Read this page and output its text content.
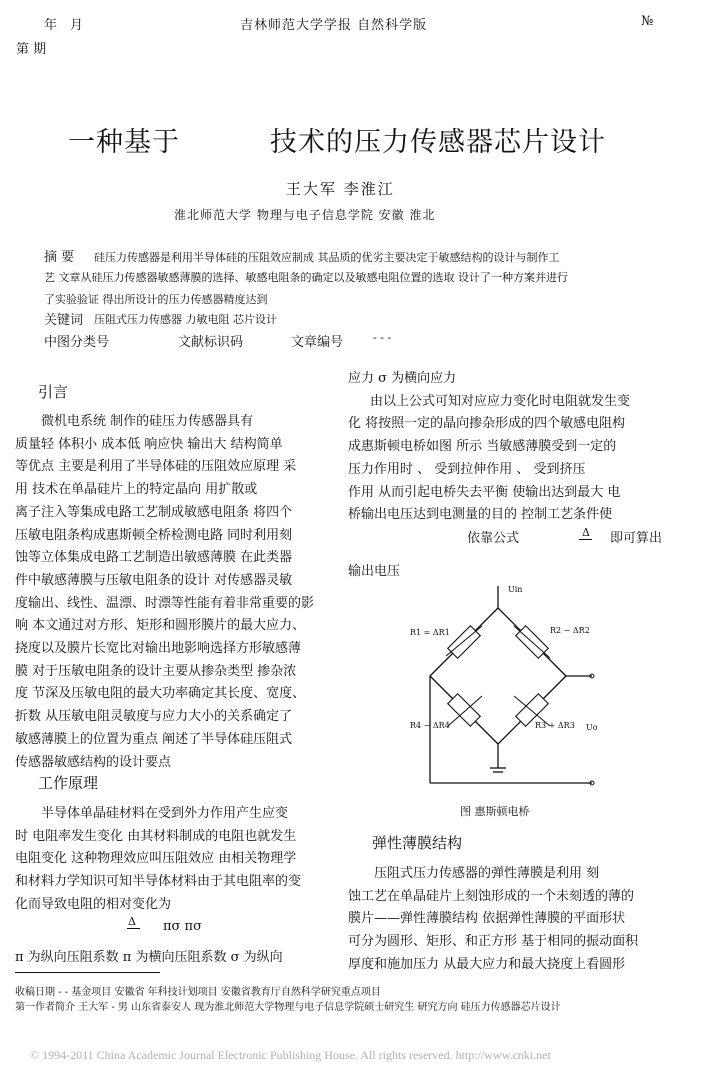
年 月	吉林师范大学学报 自然科学版	№
第 期
一种基于	技术的压力传感器芯片设计
王大军 李淮江
淮北师范大学 物理与电子信息学院 安徽 淮北
摘 要 硅压力传感器是利用半导体硅的压阻效应制成 其品质的优劣主要决定于敏感结构的设计与制作工
艺 文章从硅压力传感器敏感薄膜的选择、敏感电阻条的确定以及敏感电阻位置的选取 设计了一种方案并进行
了实验验证 得出所设计的压力传感器精度达到
关键词 压阻式压力传感器 力敏电阻 芯片设计
中图分类号	文献标识码	文章编号	- - -
引言
微机电系统 制作的硅压力传感器具有
质量轻 体积小 成本低 响应快 输出大 结构简单
等优点 主要是利用了半导体硅的压阻效应原理 采
用 技术在单晶硅片上的特定晶向 用扩散或
离子注入等集成电路工艺制成敏感电阻条 将四个
压敏电阻条构成惠斯顿全桥检测电路 同时利用刻
蚀等立体集成电路工艺制造出敏感薄膜 在此类器
件中敏感薄膜与压敏电阻条的设计 对传感器灵敏
度输出、线性、温漂、时漂等性能有着非常重要的影
响 本文通过对方形、矩形和圆形膜片的最大应力、
挠度以及膜片长宽比对输出地影响选择方形敏感薄
膜 对于压敏电阻条的设计主要从掺杂类型 掺杂浓
度 节深及压敏电阻的最大功率确定其长度、宽度、
折数 从压敏电阻灵敏度与应力大小的关系确定了
敏感薄膜上的位置为重点 阐述了半导体硅压阻式
传感器敏感结构的设计要点
工作原理
半导体单晶硅材料在受到外力作用产生应变
时 电阻率发生变化 由其材料制成的电阻也就发生
电阻变化 这种物理效应叫压阻效应 由相关物理学
和材料力学知识可知半导体材料由于其电阻率的变
化而导致电阻的相对变化为
Δ πσ πσ
π 为纵向压阻系数 π 为横向压阻系数 σ 为纵向
应力 σ 为横向应力
由以上公式可知对应应力变化时电阻就发生变
化 将按照一定的晶向掺杂形成的四个敏感电阻构
成惠斯顿电桥如图 所示 当敏感薄膜受到一定的
压力作用时 、 受到拉伸作用 、 受到挤压
作用 从而引起电桥失去平衡 使输出达到最大 电
桥输出电压达到电测量的目的 控制工艺条件使
依靠公式	Δ 即可算出
输出电压
Uin
R1 = ΔR1	R2 − ΔR2
R4 − ΔR4	R3 + ΔR3 Uo
图 惠斯顿电桥
弹性薄膜结构
压阻式压力传感器的弹性薄膜是利用 刻
蚀工艺在单晶硅片上刻蚀形成的一个未刻透的薄的
膜片——弹性薄膜结构 依据弹性薄膜的平面形状
可分为圆形、矩形、和正方形 基于相同的振动面积
厚度和施加压力 从最大应力和最大挠度上看圆形
收稿日期 - - 基金项目 安徽省 年科技计划项目 安徽省教育厅自然科学研究重点项目
第一作者简介 王大军 - 男 山东省泰安人 现为淮北师范大学物理与电子信息学院硕士研究生 研究方向 硅压力传感器芯片设计
© 1994-2011 China Academic Journal Electronic Publishing House. All rights reserved. http://www.cnki.net
